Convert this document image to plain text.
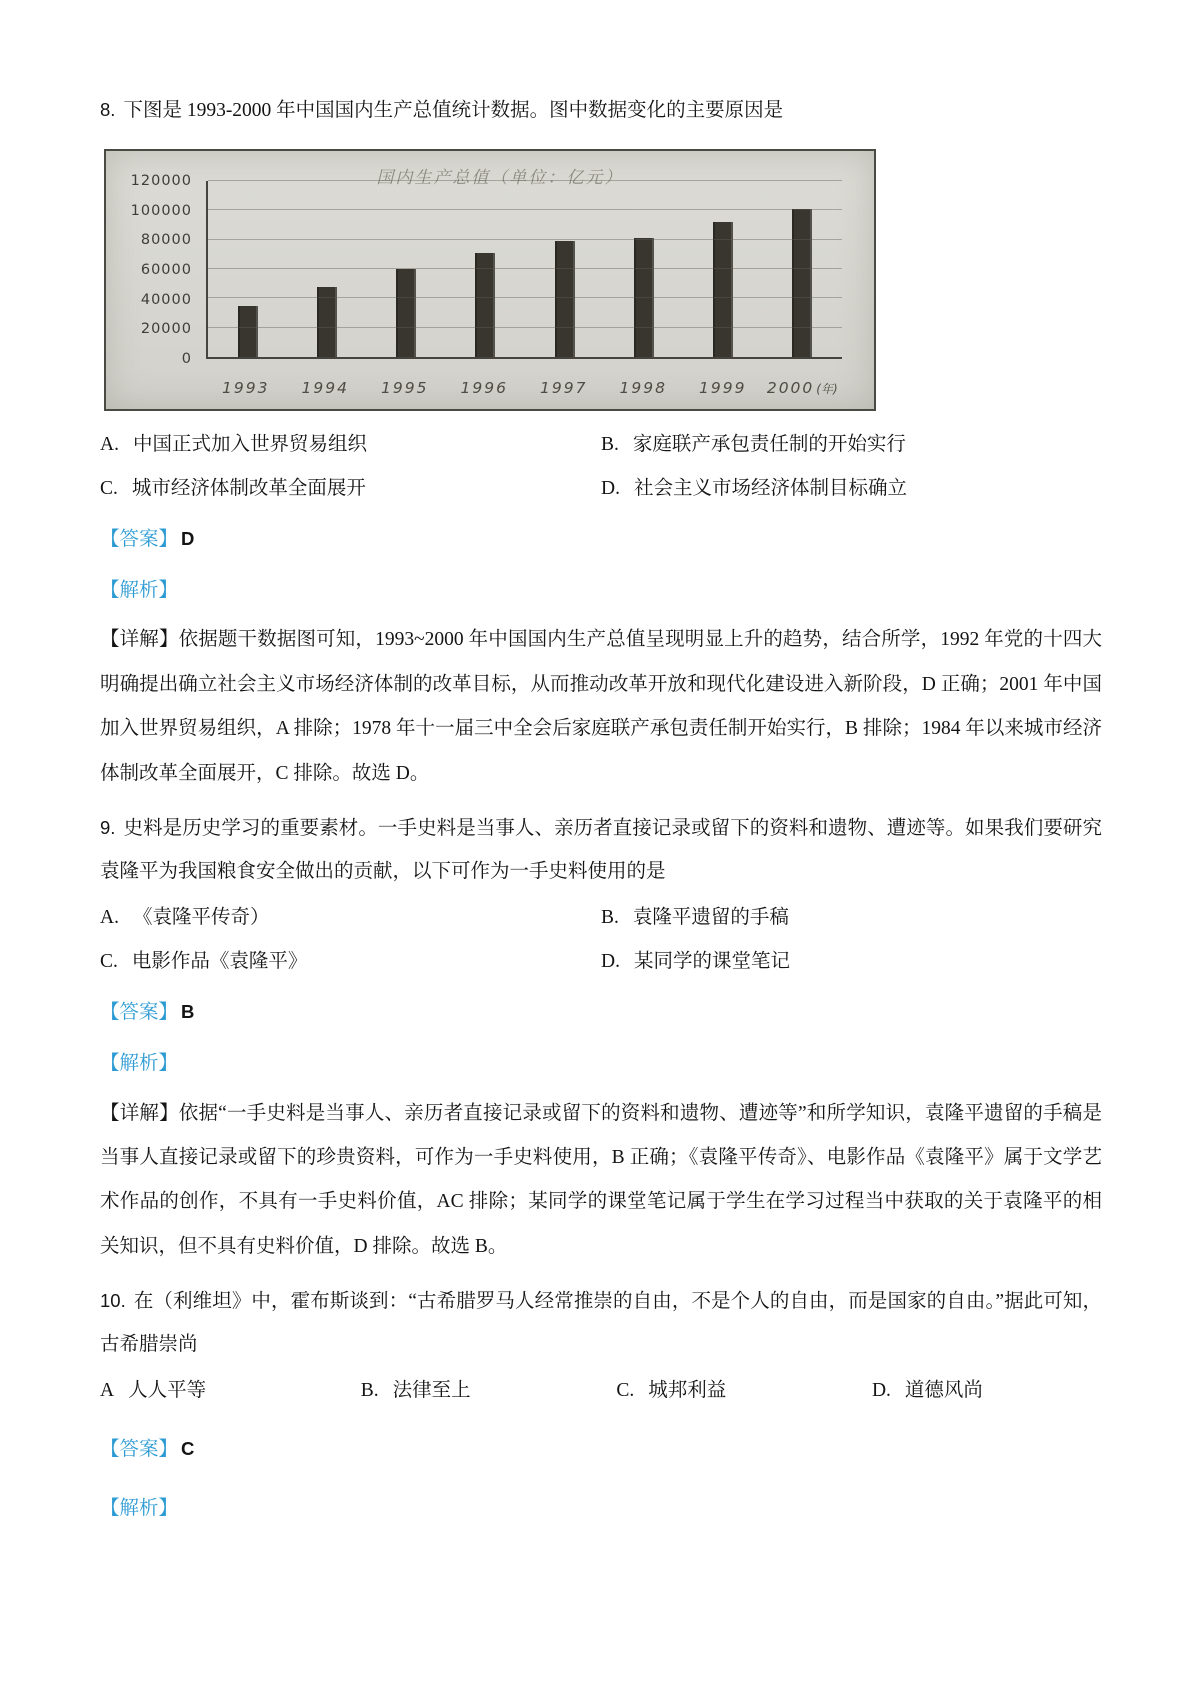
8. 下图是 1993-2000 年中国国内生产总值统计数据。图中数据变化的主要原因是

国内生产总值（单位：亿元）
0
20000
40000
60000
80000
100000
120000
1993	1994	1995	1996	1997	1998	1999	2000 (年)
A. 中国正式加入世界贸易组织	B. 家庭联产承包责任制的开始实行
C. 城市经济体制改革全面展开	D. 社会主义市场经济体制目标确立

【答案】 D

【解析】

【详解】依据题干数据图可知，1993~2000 年中国国内生产总值呈现明显上升的趋势，结合所学，1992 年党的十四大明确提出确立社会主义市场经济体制的改革目标，从而推动改革开放和现代化建设进入新阶段，D 正确；2001 年中国加入世界贸易组织，A 排除；1978 年十一届三中全会后家庭联产承包责任制开始实行，B 排除；1984 年以来城市经济体制改革全面展开，C 排除。故选 D。

9. 史料是历史学习的重要素材。一手史料是当事人、亲历者直接记录或留下的资料和遗物、遭迹等。如果我们要研究袁隆平为我国粮食安全做出的贡献，以下可作为一手史料使用的是

A. 《袁隆平传奇）	B. 袁隆平遗留的手稿
C. 电影作品《袁隆平》	D. 某同学的课堂笔记

【答案】 B

【解析】

【详解】依据“一手史料是当事人、亲历者直接记录或留下的资料和遗物、遭迹等”和所学知识，袁隆平遗留的手稿是当事人直接记录或留下的珍贵资料，可作为一手史料使用，B 正确；《袁隆平传奇》、电影作品《袁隆平》属于文学艺术作品的创作，不具有一手史料价值，AC 排除；某同学的课堂笔记属于学生在学习过程当中获取的关于袁隆平的相关知识，但不具有史料价值，D 排除。故选 B。

10. 在（利维坦》中，霍布斯谈到：“古希腊罗马人经常推崇的自由，不是个人的自由，而是国家的自由。”据此可知，古希腊崇尚

A 人人平等	B. 法律至上	C. 城邦利益	D. 道德风尚

【答案】 C

【解析】
